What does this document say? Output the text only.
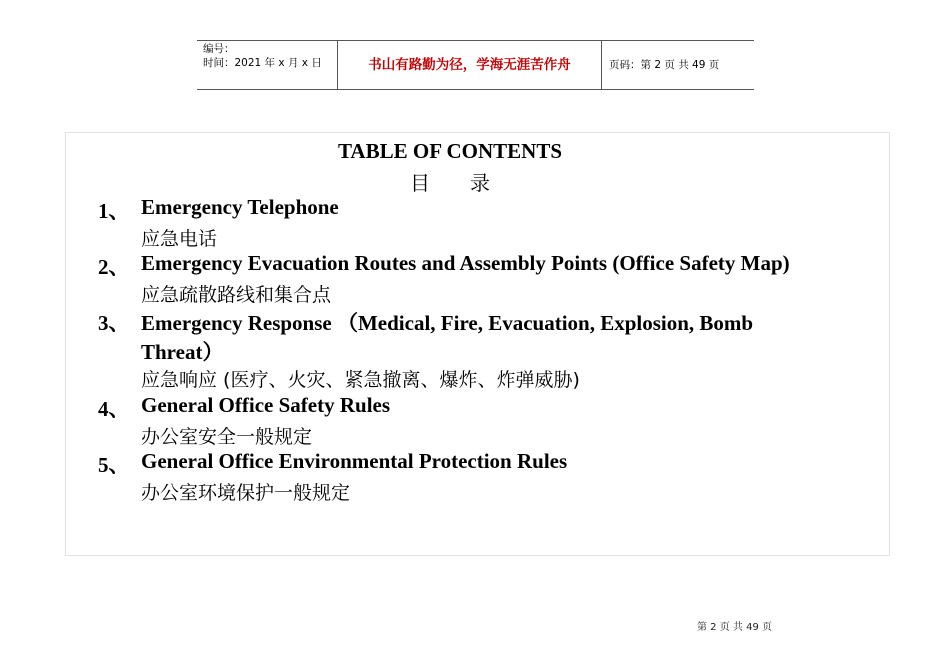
编号：
时间：2021 年 x 月 x 日	书山有路勤为径，学海无涯苦作舟	页码：第 2 页 共 49 页
TABLE OF CONTENTS
目　　录
1、 Emergency Telephone
应急电话
2、 Emergency Evacuation Routes and Assembly Points (Office Safety Map)
应急疏散路线和集合点
3、 Emergency Response （Medical, Fire, Evacuation, Explosion, Bomb
Threat）
应急响应 (医疗、火灾、紧急撤离、爆炸、炸弹威胁)
4、 General Office Safety Rules
办公室安全一般规定
5、 General Office Environmental Protection Rules
办公室环境保护一般规定
第 2 页 共 49 页
